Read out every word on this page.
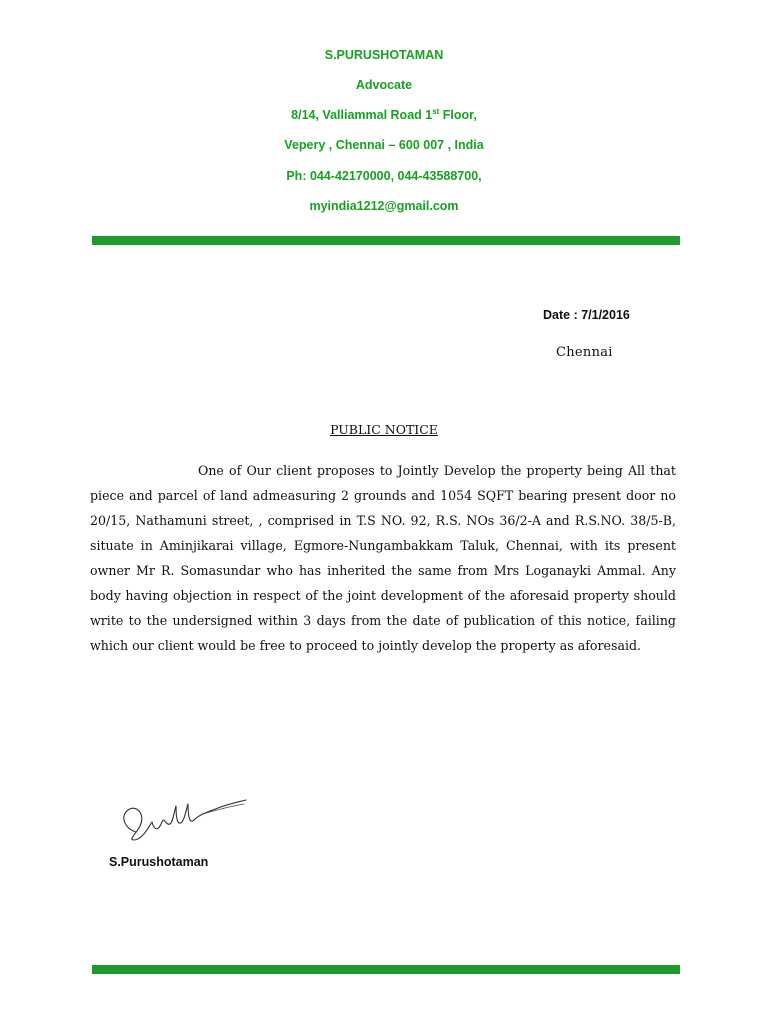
S.PURUSHOTAMAN
Advocate
8/14, Valliammal Road 1st Floor,
Vepery , Chennai – 600 007 , India
Ph: 044-42170000, 044-43588700,
myindia1212@gmail.com
Date : 7/1/2016
Chennai
PUBLIC NOTICE

One of Our client proposes to Jointly Develop the property being All that piece and parcel of land admeasuring 2 grounds and 1054 SQFT bearing present door no 20/15, Nathamuni street, , comprised in T.S NO. 92, R.S. NOs 36/2-A and R.S.NO. 38/5-B, situate in Aminjikarai village, Egmore-Nungambakkam Taluk, Chennai, with its present owner Mr R. Somasundar who has inherited the same from Mrs Loganayki Ammal. Any body having objection in respect of the joint development of the aforesaid property should write to the undersigned within 3 days from the date of publication of this notice, failing which our client would be free to proceed to jointly develop the property as aforesaid.

S.Purushotaman
